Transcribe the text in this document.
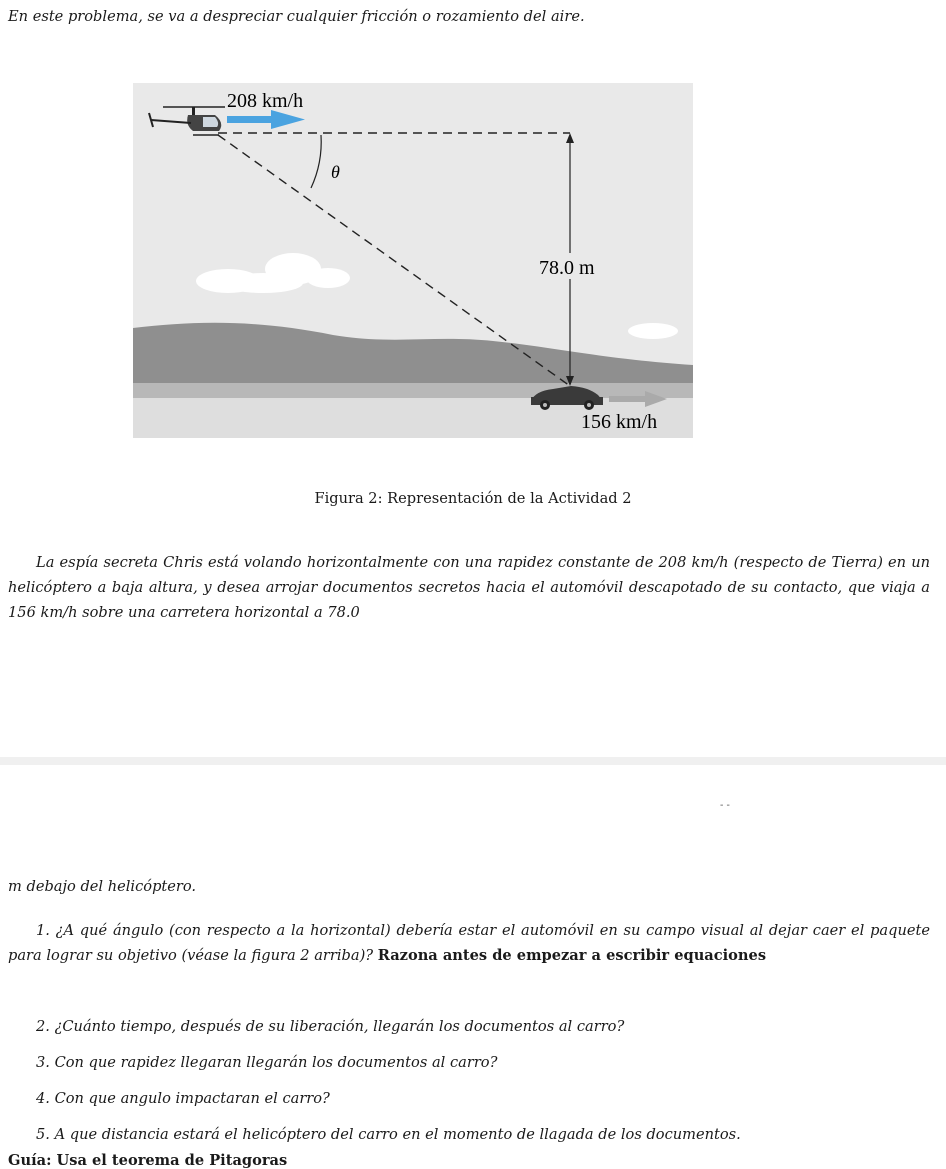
En este problema, se va a despreciar cualquier fricción o rozamiento del aire.
θ
78.0 m
208 km/h
156 km/h
Figura 2: Representación de la Actividad 2
La espía secreta Chris está volando horizontalmente con una rapidez constante de 208 km/h (respecto de Tierra) en un helicóptero a baja altura, y desea arrojar documentos secretos hacia el automóvil descapotado de su contacto, que viaja a 156 km/h sobre una carretera horizontal a 78.0
- -
m debajo del helicóptero.
1. ¿A qué ángulo (con respecto a la horizontal) debería estar el automóvil en su campo visual al dejar caer el paquete para lograr su objetivo (véase la figura 2 arriba)? Razona antes de empezar a escribir equaciones
2. ¿Cuánto tiempo, después de su liberación, llegarán los documentos al carro?
3. Con que rapidez llegaran llegarán los documentos al carro?
4. Con que angulo impactaran el carro?
5. A que distancia estará el helicóptero del carro en el momento de llagada de los documentos.
Guía: Usa el teorema de Pitagoras
